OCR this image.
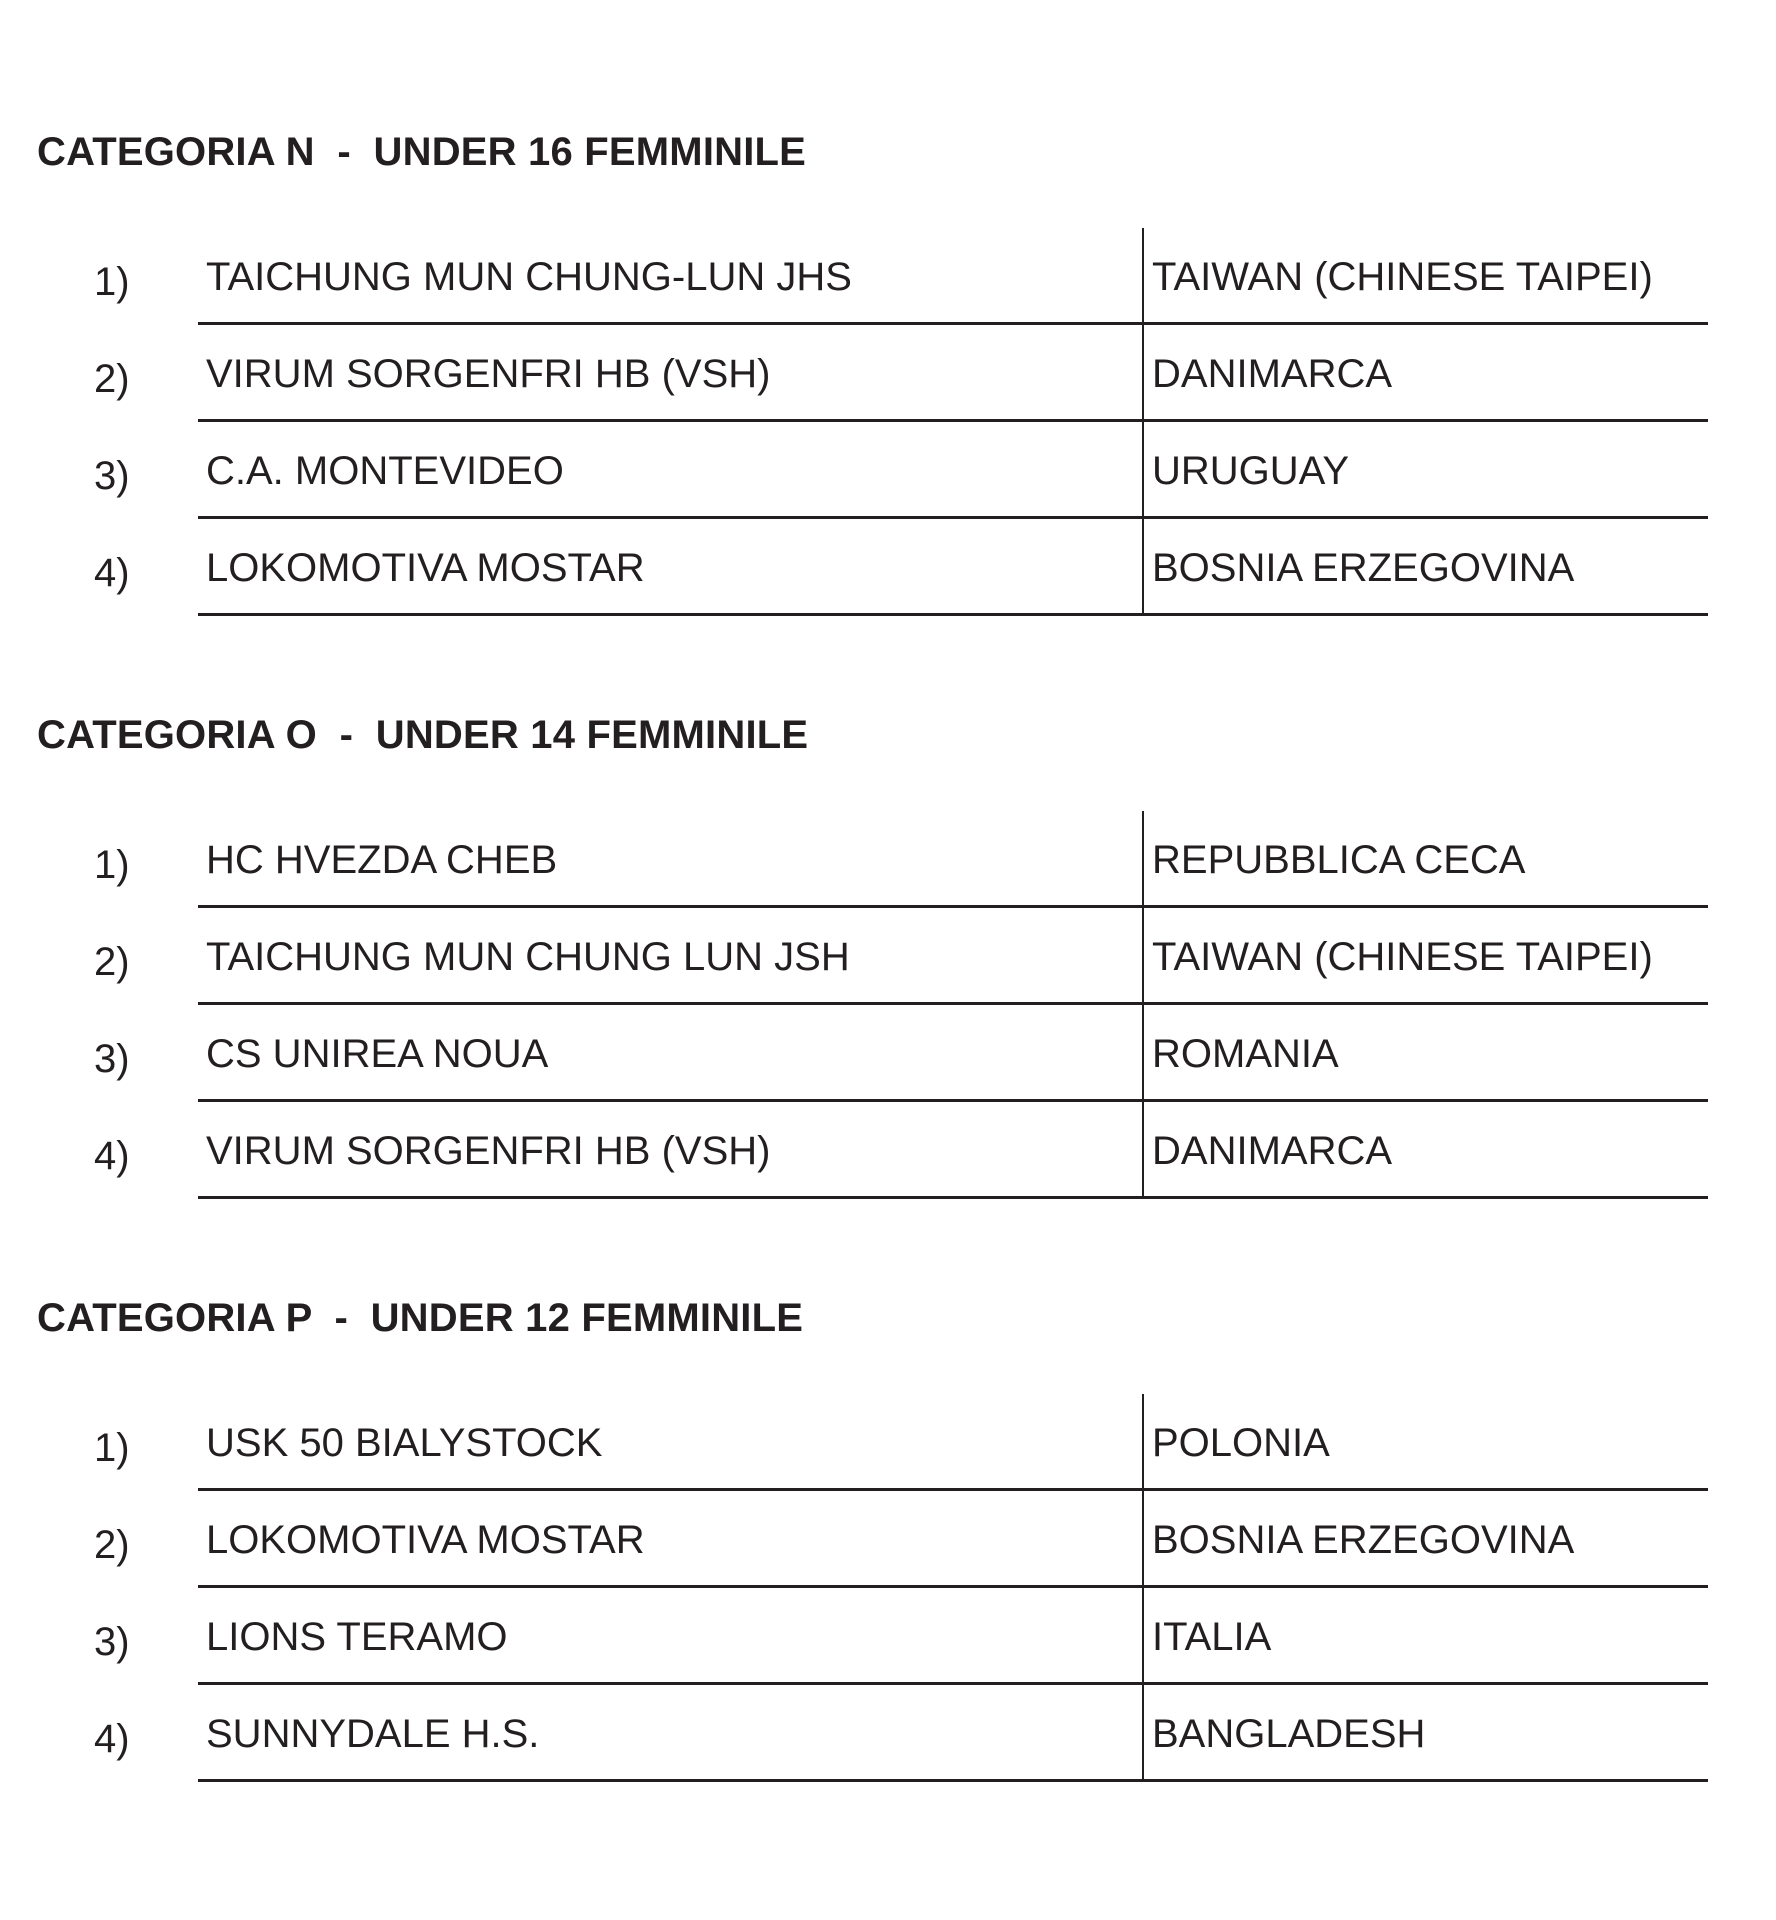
CATEGORIA N  -  UNDER 16 FEMMINILE
1) TAICHUNG MUN CHUNG-LUN JHS	TAIWAN (CHINESE TAIPEI)
2) VIRUM SORGENFRI HB (VSH)	DANIMARCA
3) C.A. MONTEVIDEO	URUGUAY
4) LOKOMOTIVA MOSTAR	BOSNIA ERZEGOVINA
CATEGORIA O  -  UNDER 14 FEMMINILE
1) HC HVEZDA CHEB	REPUBBLICA CECA
2) TAICHUNG MUN CHUNG LUN JSH	TAIWAN (CHINESE TAIPEI)
3) CS UNIREA NOUA	ROMANIA
4) VIRUM SORGENFRI HB (VSH)	DANIMARCA
CATEGORIA P  -  UNDER 12 FEMMINILE
1) USK 50 BIALYSTOCK	POLONIA
2) LOKOMOTIVA MOSTAR	BOSNIA ERZEGOVINA
3) LIONS TERAMO	ITALIA
4) SUNNYDALE H.S.	BANGLADESH
